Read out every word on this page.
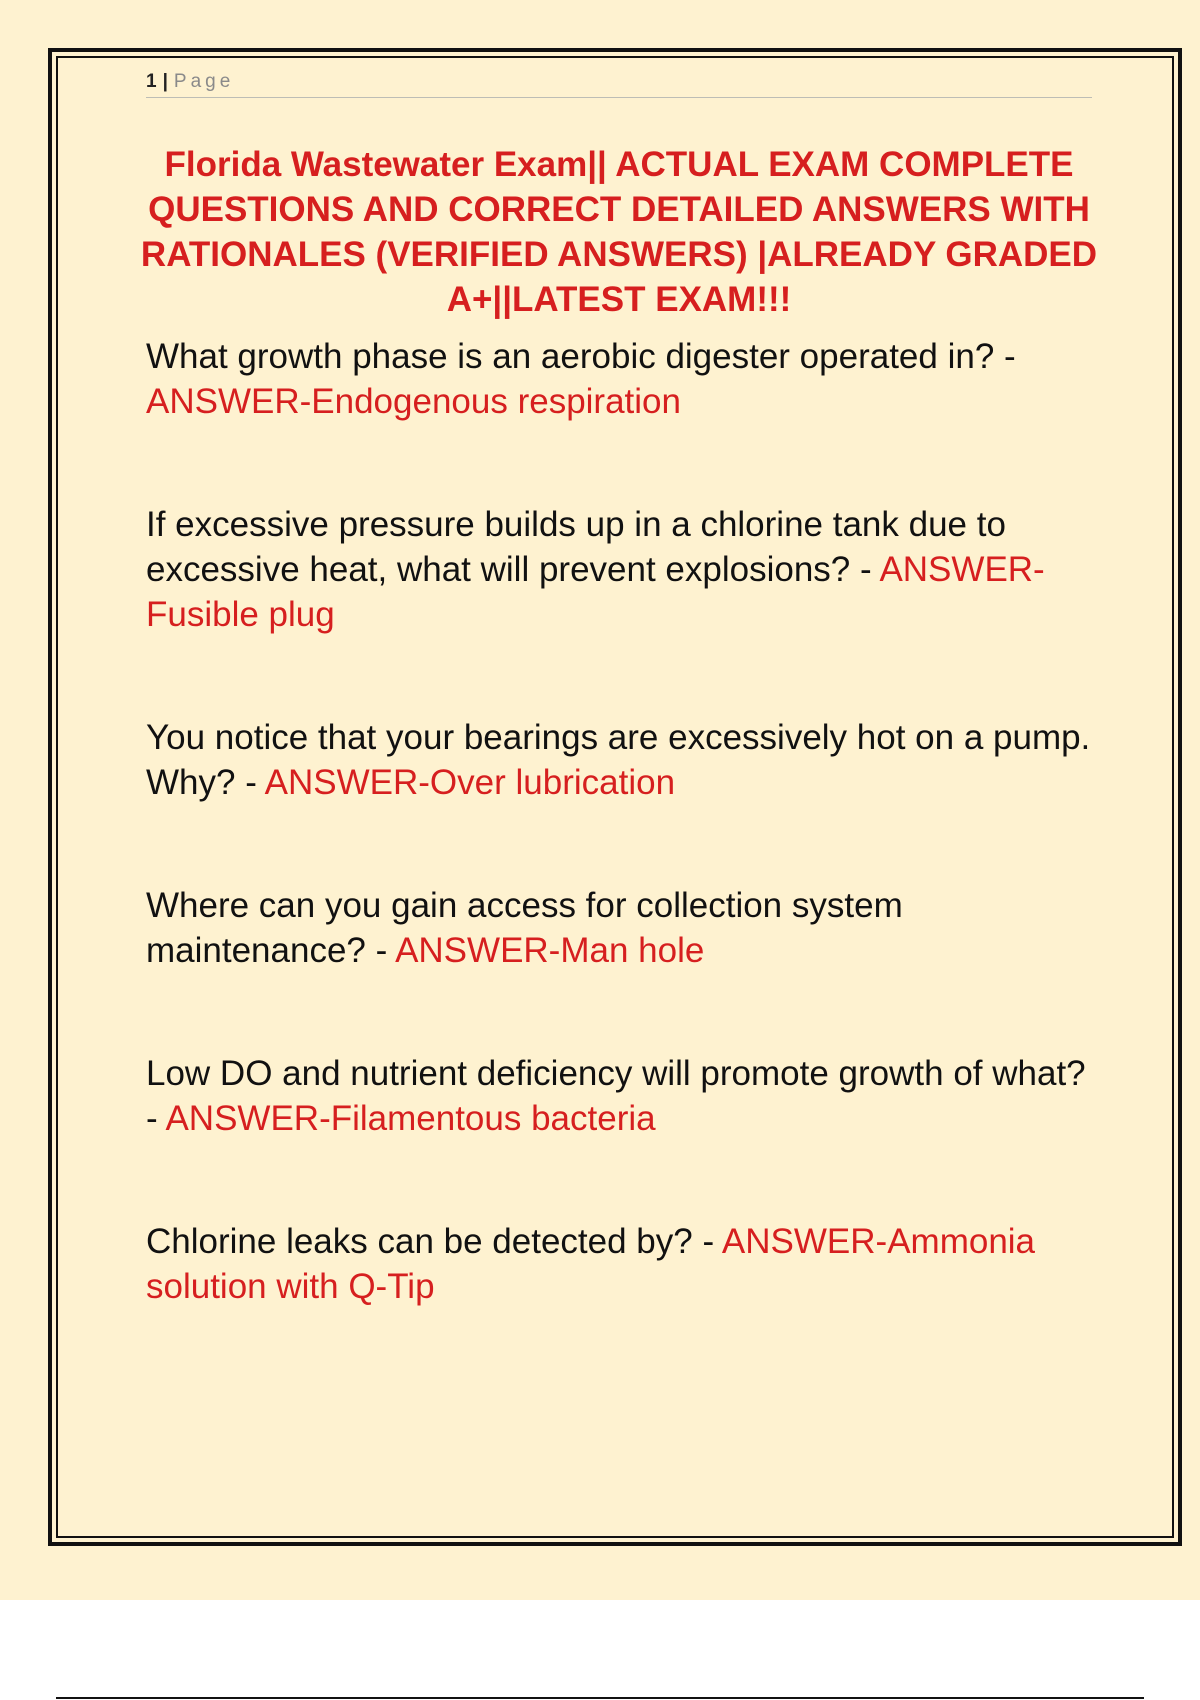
1 | Page
Florida Wastewater Exam|| ACTUAL EXAM COMPLETE QUESTIONS AND CORRECT DETAILED ANSWERS WITH RATIONALES (VERIFIED ANSWERS) |ALREADY GRADED A+||LATEST EXAM!!!
What growth phase is an aerobic digester operated in? - ANSWER-Endogenous respiration
If excessive pressure builds up in a chlorine tank due to excessive heat, what will prevent explosions? - ANSWER-Fusible plug
You notice that your bearings are excessively hot on a pump. Why? - ANSWER-Over lubrication
Where can you gain access for collection system maintenance? - ANSWER-Man hole
Low DO and nutrient deficiency will promote growth of what? - ANSWER-Filamentous bacteria
Chlorine leaks can be detected by? - ANSWER-Ammonia solution with Q-Tip
